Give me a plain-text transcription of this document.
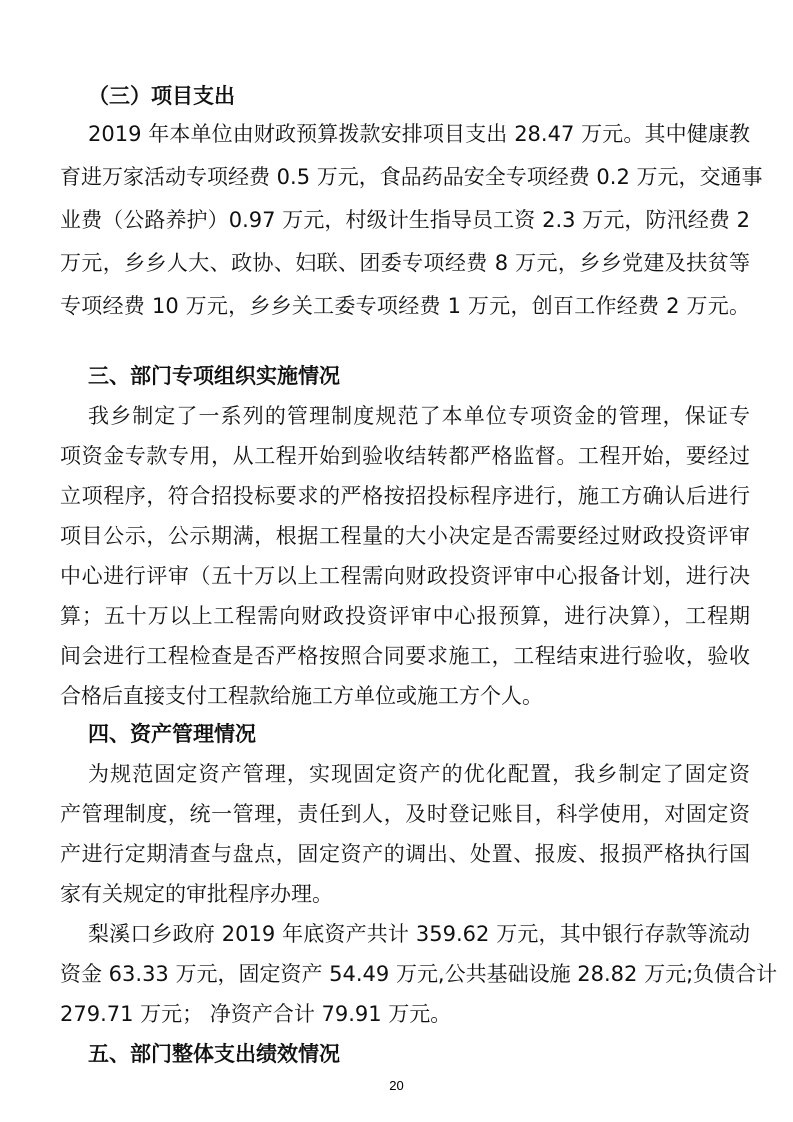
（三）项目支出
2019 年本单位由财政预算拨款安排项目支出 28.47 万元。其中健康教
育进万家活动专项经费 0.5 万元，食品药品安全专项经费 0.2 万元，交通事
业费（公路养护）0.97 万元，村级计生指导员工资 2.3 万元，防汛经费 2
万元，乡乡人大、政协、妇联、团委专项经费 8 万元，乡乡党建及扶贫等
专项经费 10 万元，乡乡关工委专项经费 1 万元，创百工作经费 2 万元。
三、部门专项组织实施情况
我乡制定了一系列的管理制度规范了本单位专项资金的管理，保证专
项资金专款专用，从工程开始到验收结转都严格监督。工程开始，要经过
立项程序，符合招投标要求的严格按招投标程序进行，施工方确认后进行
项目公示，公示期满，根据工程量的大小决定是否需要经过财政投资评审
中心进行评审（五十万以上工程需向财政投资评审中心报备计划，进行决
算；五十万以上工程需向财政投资评审中心报预算，进行决算），工程期
间会进行工程检查是否严格按照合同要求施工，工程结束进行验收，验收
合格后直接支付工程款给施工方单位或施工方个人。
四、资产管理情况
为规范固定资产管理，实现固定资产的优化配置，我乡制定了固定资
产管理制度，统一管理，责任到人，及时登记账目，科学使用，对固定资
产进行定期清查与盘点，固定资产的调出、处置、报废、报损严格执行国
家有关规定的审批程序办理。
梨溪口乡政府 2019 年底资产共计 359.62 万元，其中银行存款等流动
资金 63.33 万元，固定资产 54.49 万元,公共基础设施 28.82 万元;负债合计
279.71 万元； 净资产合计 79.91 万元。
五、部门整体支出绩效情况
20
